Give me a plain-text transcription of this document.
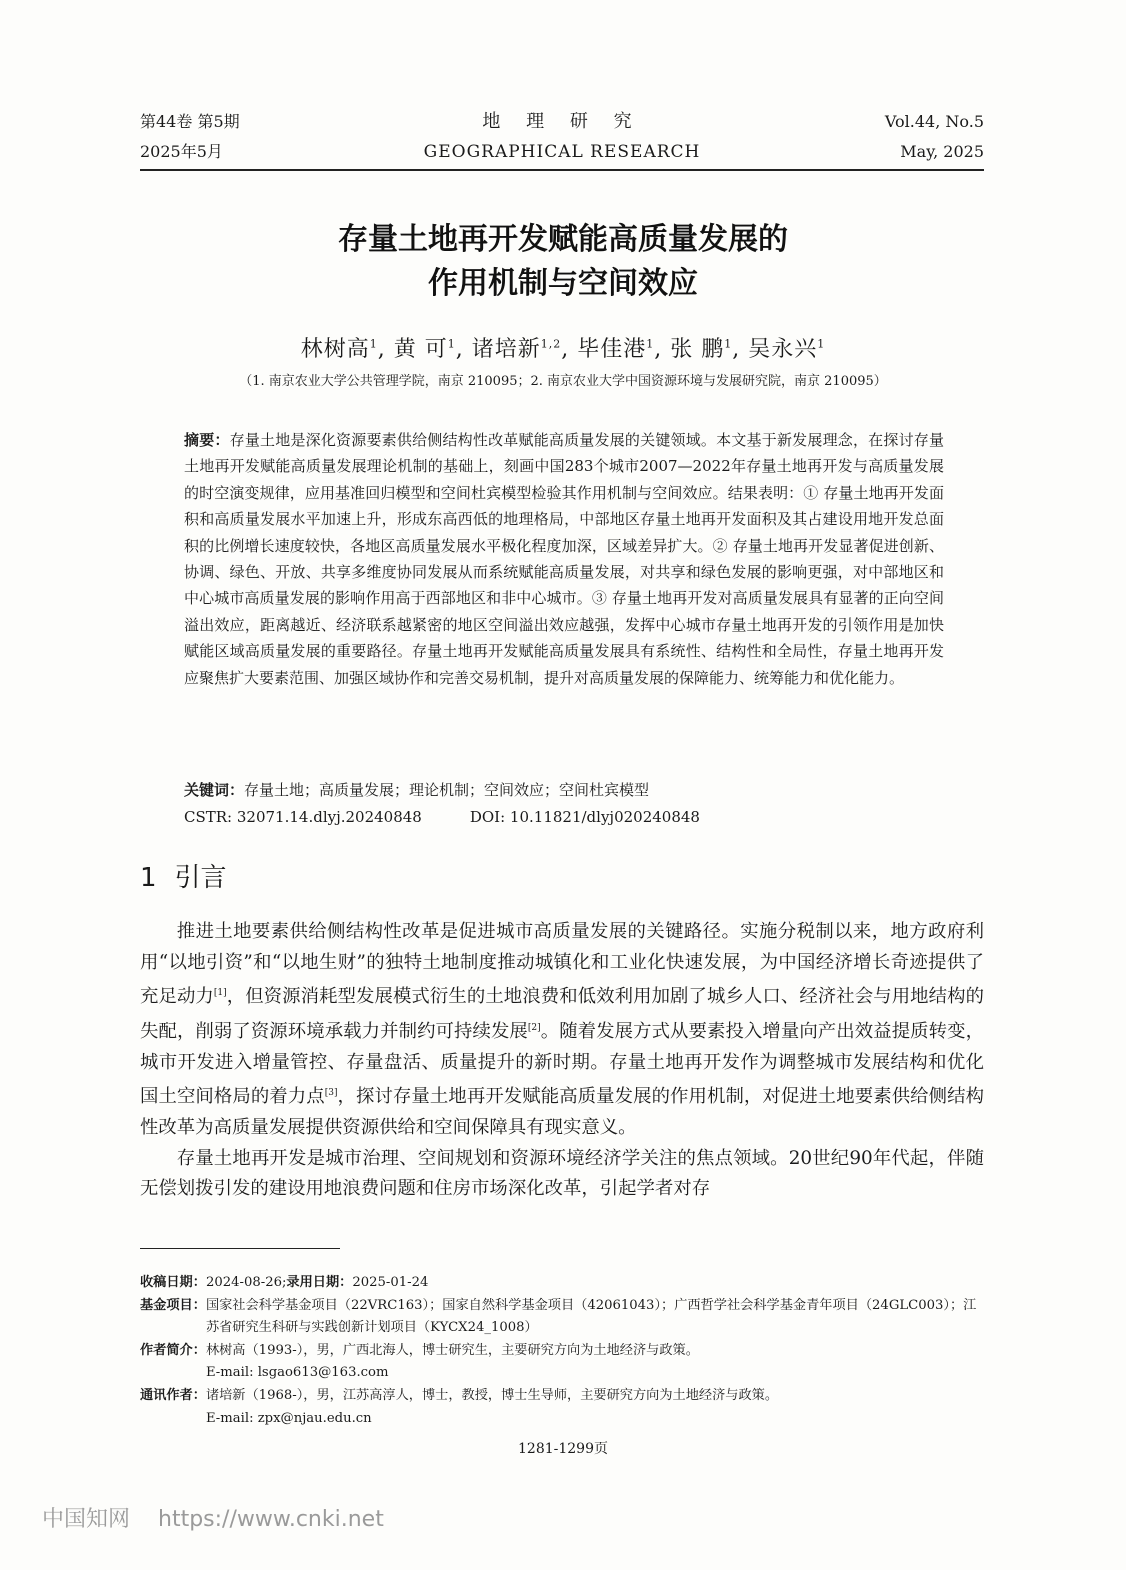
第44卷 第5期
2025年5月
地 理 研 究
GEOGRAPHICAL RESEARCH
Vol.44, No.5
May, 2025
存量土地再开发赋能高质量发展的
作用机制与空间效应
林树高$^1$, 黄 可$^1$, 诸培新$^{1,2}$, 毕佳港$^1$, 张 鹏$^1$, 吴永兴$^1$
（1. 南京农业大学公共管理学院，南京 210095；2. 南京农业大学中国资源环境与发展研究院，南京 210095）
摘要：存量土地是深化资源要素供给侧结构性改革赋能高质量发展的关键领域。本文基于新发展理念，在探讨存量土地再开发赋能高质量发展理论机制的基础上，刻画中国283个城市2007—2022年存量土地再开发与高质量发展的时空演变规律，应用基准回归模型和空间杜宾模型检验其作用机制与空间效应。结果表明：① 存量土地再开发面积和高质量发展水平加速上升，形成东高西低的地理格局，中部地区存量土地再开发面积及其占建设用地开发总面积的比例增长速度较快，各地区高质量发展水平极化程度加深，区域差异扩大。② 存量土地再开发显著促进创新、协调、绿色、开放、共享多维度协同发展从而系统赋能高质量发展，对共享和绿色发展的影响更强，对中部地区和中心城市高质量发展的影响作用高于西部地区和非中心城市。③ 存量土地再开发对高质量发展具有显著的正向空间溢出效应，距离越近、经济联系越紧密的地区空间溢出效应越强，发挥中心城市存量土地再开发的引领作用是加快赋能区域高质量发展的重要路径。存量土地再开发赋能高质量发展具有系统性、结构性和全局性，存量土地再开发应聚焦扩大要素范围、加强区域协作和完善交易机制，提升对高质量发展的保障能力、统筹能力和优化能力。
关键词：存量土地；高质量发展；理论机制；空间效应；空间杜宾模型
CSTR: 32071.14.dlyj.20240848	DOI: 10.11821/dlyj020240848
1 引言

推进土地要素供给侧结构性改革是促进城市高质量发展的关键路径。实施分税制以来，地方政府利用“以地引资”和“以地生财”的独特土地制度推动城镇化和工业化快速发展，为中国经济增长奇迹提供了充足动力[1]，但资源消耗型发展模式衍生的土地浪费和低效利用加剧了城乡人口、经济社会与用地结构的失配，削弱了资源环境承载力并制约可持续发展[2]。随着发展方式从要素投入增量向产出效益提质转变，城市开发进入增量管控、存量盘活、质量提升的新时期。存量土地再开发作为调整城市发展结构和优化国土空间格局的着力点[3]，探讨存量土地再开发赋能高质量发展的作用机制，对促进土地要素供给侧结构性改革为高质量发展提供资源供给和空间保障具有现实意义。

存量土地再开发是城市治理、空间规划和资源环境经济学关注的焦点领域。20世纪90年代起，伴随无偿划拨引发的建设用地浪费问题和住房市场深化改革，引起学者对存

收稿日期： 2024-08-26; 录用日期： 2025-01-24
基金项目： 国家社会科学基金项目（22VRC163）；国家自然科学基金项目（42061043）；广西哲学社会科学基金青年项目（24GLC003）；江苏省研究生科研与实践创新计划项目（KYCX24_1008）
作者简介： 林树高（1993-），男，广西北海人，博士研究生，主要研究方向为土地经济与政策。
E-mail: lsgao613@163.com
通讯作者： 诸培新（1968-），男，江苏高淳人，博士，教授，博士生导师，主要研究方向为土地经济与政策。
E-mail: zpx@njau.edu.cn
1281-1299页
中国知网 https://www.cnki.net
